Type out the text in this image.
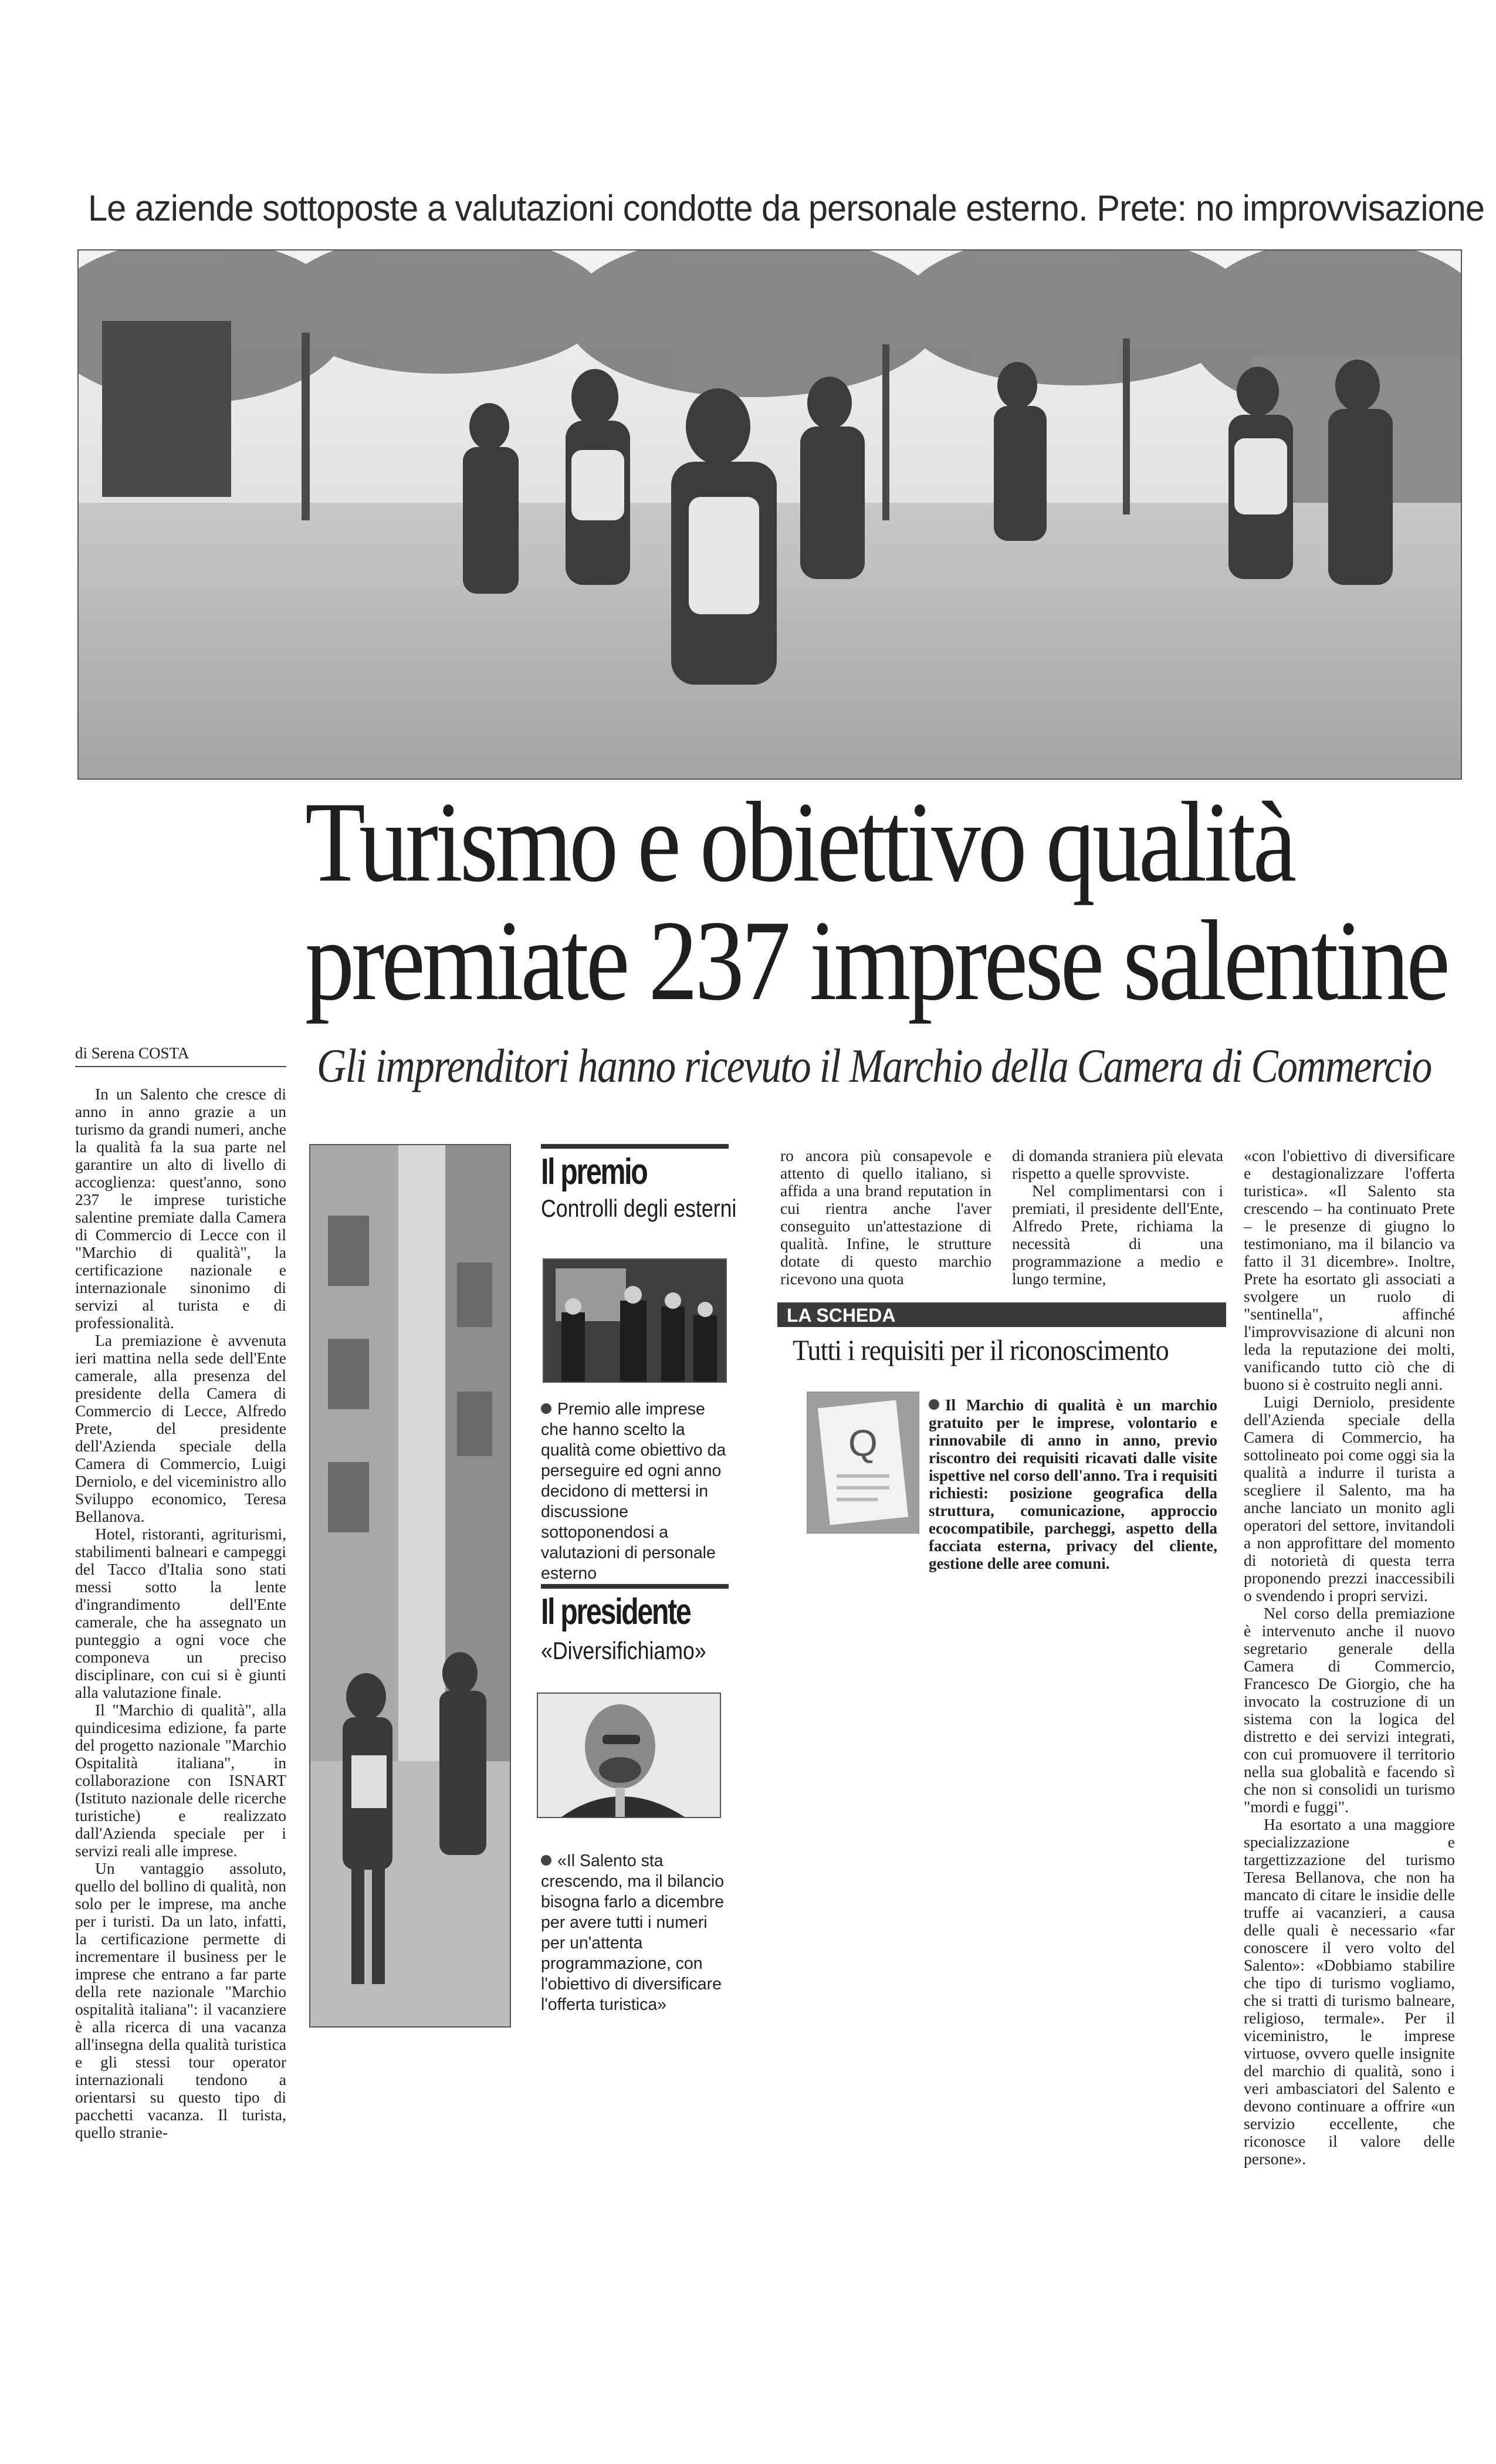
Le aziende sottoposte a valutazioni condotte da personale esterno. Prete: no improvvisazione
Turismo e obiettivo qualità
premiate 237 imprese salentine
Gli imprenditori hanno ricevuto il Marchio della Camera di Commercio
di Serena COSTA

In un Salento che cresce di anno in anno grazie a un turismo da grandi numeri, anche la qualità fa la sua parte nel garantire un alto di livello di accoglienza: quest'anno, sono 237 le imprese turistiche salentine premiate dalla Camera di Commercio di Lecce con il "Marchio di qualità", la certificazione nazionale e internazionale sinonimo di servizi al turista e di professionalità.

La premiazione è avvenuta ieri mattina nella sede dell'Ente camerale, alla presenza del presidente della Camera di Commercio di Lecce, Alfredo Prete, del presidente dell'Azienda speciale della Camera di Commercio, Luigi Derniolo, e del viceministro allo Sviluppo economico, Teresa Bellanova.

Hotel, ristoranti, agriturismi, stabilimenti balneari e campeggi del Tacco d'Italia sono stati messi sotto la lente d'ingrandimento dell'Ente camerale, che ha assegnato un punteggio a ogni voce che componeva un preciso disciplinare, con cui si è giunti alla valutazione finale.

Il "Marchio di qualità", alla quindicesima edizione, fa parte del progetto nazionale "Marchio Ospitalità italiana", in collaborazione con ISNART (Istituto nazionale delle ricerche turistiche) e realizzato dall'Azienda speciale per i servizi reali alle imprese.

Un vantaggio assoluto, quello del bollino di qualità, non solo per le imprese, ma anche per i turisti. Da un lato, infatti, la certificazione permette di incrementare il business per le imprese che entrano a far parte della rete nazionale "Marchio ospitalità italiana": il vacanziere è alla ricerca di una vacanza all'insegna della qualità turistica e gli stessi tour operator internazionali tendono a orientarsi su questo tipo di pacchetti vacanza. Il turista, quello stranie-

Il premio
Controlli degli esterni
Premio alle imprese che hanno scelto la qualità come obiettivo da perseguire ed ogni anno decidono di mettersi in discussione sottoponendosi a valutazioni di personale esterno
Il presidente
«Diversifichiamo»
«Il Salento sta crescendo, ma il bilancio bisogna farlo a dicembre per avere tutti i numeri per un'attenta programmazione, con l'obiettivo di diversificare l'offerta turistica»

ro ancora più consapevole e attento di quello italiano, si affida a una brand reputation in cui rientra anche l'aver conseguito un'attestazione di qualità. Infine, le strutture dotate di questo marchio ricevono una quota

di domanda straniera più elevata rispetto a quelle sprovviste.

Nel complimentarsi con i premiati, il presidente dell'Ente, Alfredo Prete, richiama la necessità di una programmazione a medio e lungo termine,

LA SCHEDA
Tutti i requisiti per il riconoscimento
Q
Il Marchio di qualità è un marchio gratuito per le imprese, volontario e rinnovabile di anno in anno, previo riscontro dei requisiti ricavati dalle visite ispettive nel corso dell'anno. Tra i requisiti richiesti: posizione geografica della struttura, comunicazione, approccio ecocompatibile, parcheggi, aspetto della facciata esterna, privacy del cliente, gestione delle aree comuni.

«con l'obiettivo di diversificare e destagionalizzare l'offerta turistica». «Il Salento sta crescendo – ha continuato Prete – le presenze di giugno lo testimoniano, ma il bilancio va fatto il 31 dicembre». Inoltre, Prete ha esortato gli associati a svolgere un ruolo di "sentinella", affinché l'improvvisazione di alcuni non leda la reputazione dei molti, vanificando tutto ciò che di buono si è costruito negli anni.

Luigi Derniolo, presidente dell'Azienda speciale della Camera di Commercio, ha sottolineato poi come oggi sia la qualità a indurre il turista a scegliere il Salento, ma ha anche lanciato un monito agli operatori del settore, invitandoli a non approfittare del momento di notorietà di questa terra proponendo prezzi inaccessibili o svendendo i propri servizi.

Nel corso della premiazione è intervenuto anche il nuovo segretario generale della Camera di Commercio, Francesco De Giorgio, che ha invocato la costruzione di un sistema con la logica del distretto e dei servizi integrati, con cui promuovere il territorio nella sua globalità e facendo sì che non si consolidi un turismo "mordi e fuggi".

Ha esortato a una maggiore specializzazione e targettizzazione del turismo Teresa Bellanova, che non ha mancato di citare le insidie delle truffe ai vacanzieri, a causa delle quali è necessario «far conoscere il vero volto del Salento»: «Dobbiamo stabilire che tipo di turismo vogliamo, che si tratti di turismo balneare, religioso, termale». Per il viceministro, le imprese virtuose, ovvero quelle insignite del marchio di qualità, sono i veri ambasciatori del Salento e devono continuare a offrire «un servizio eccellente, che riconosce il valore delle persone».
